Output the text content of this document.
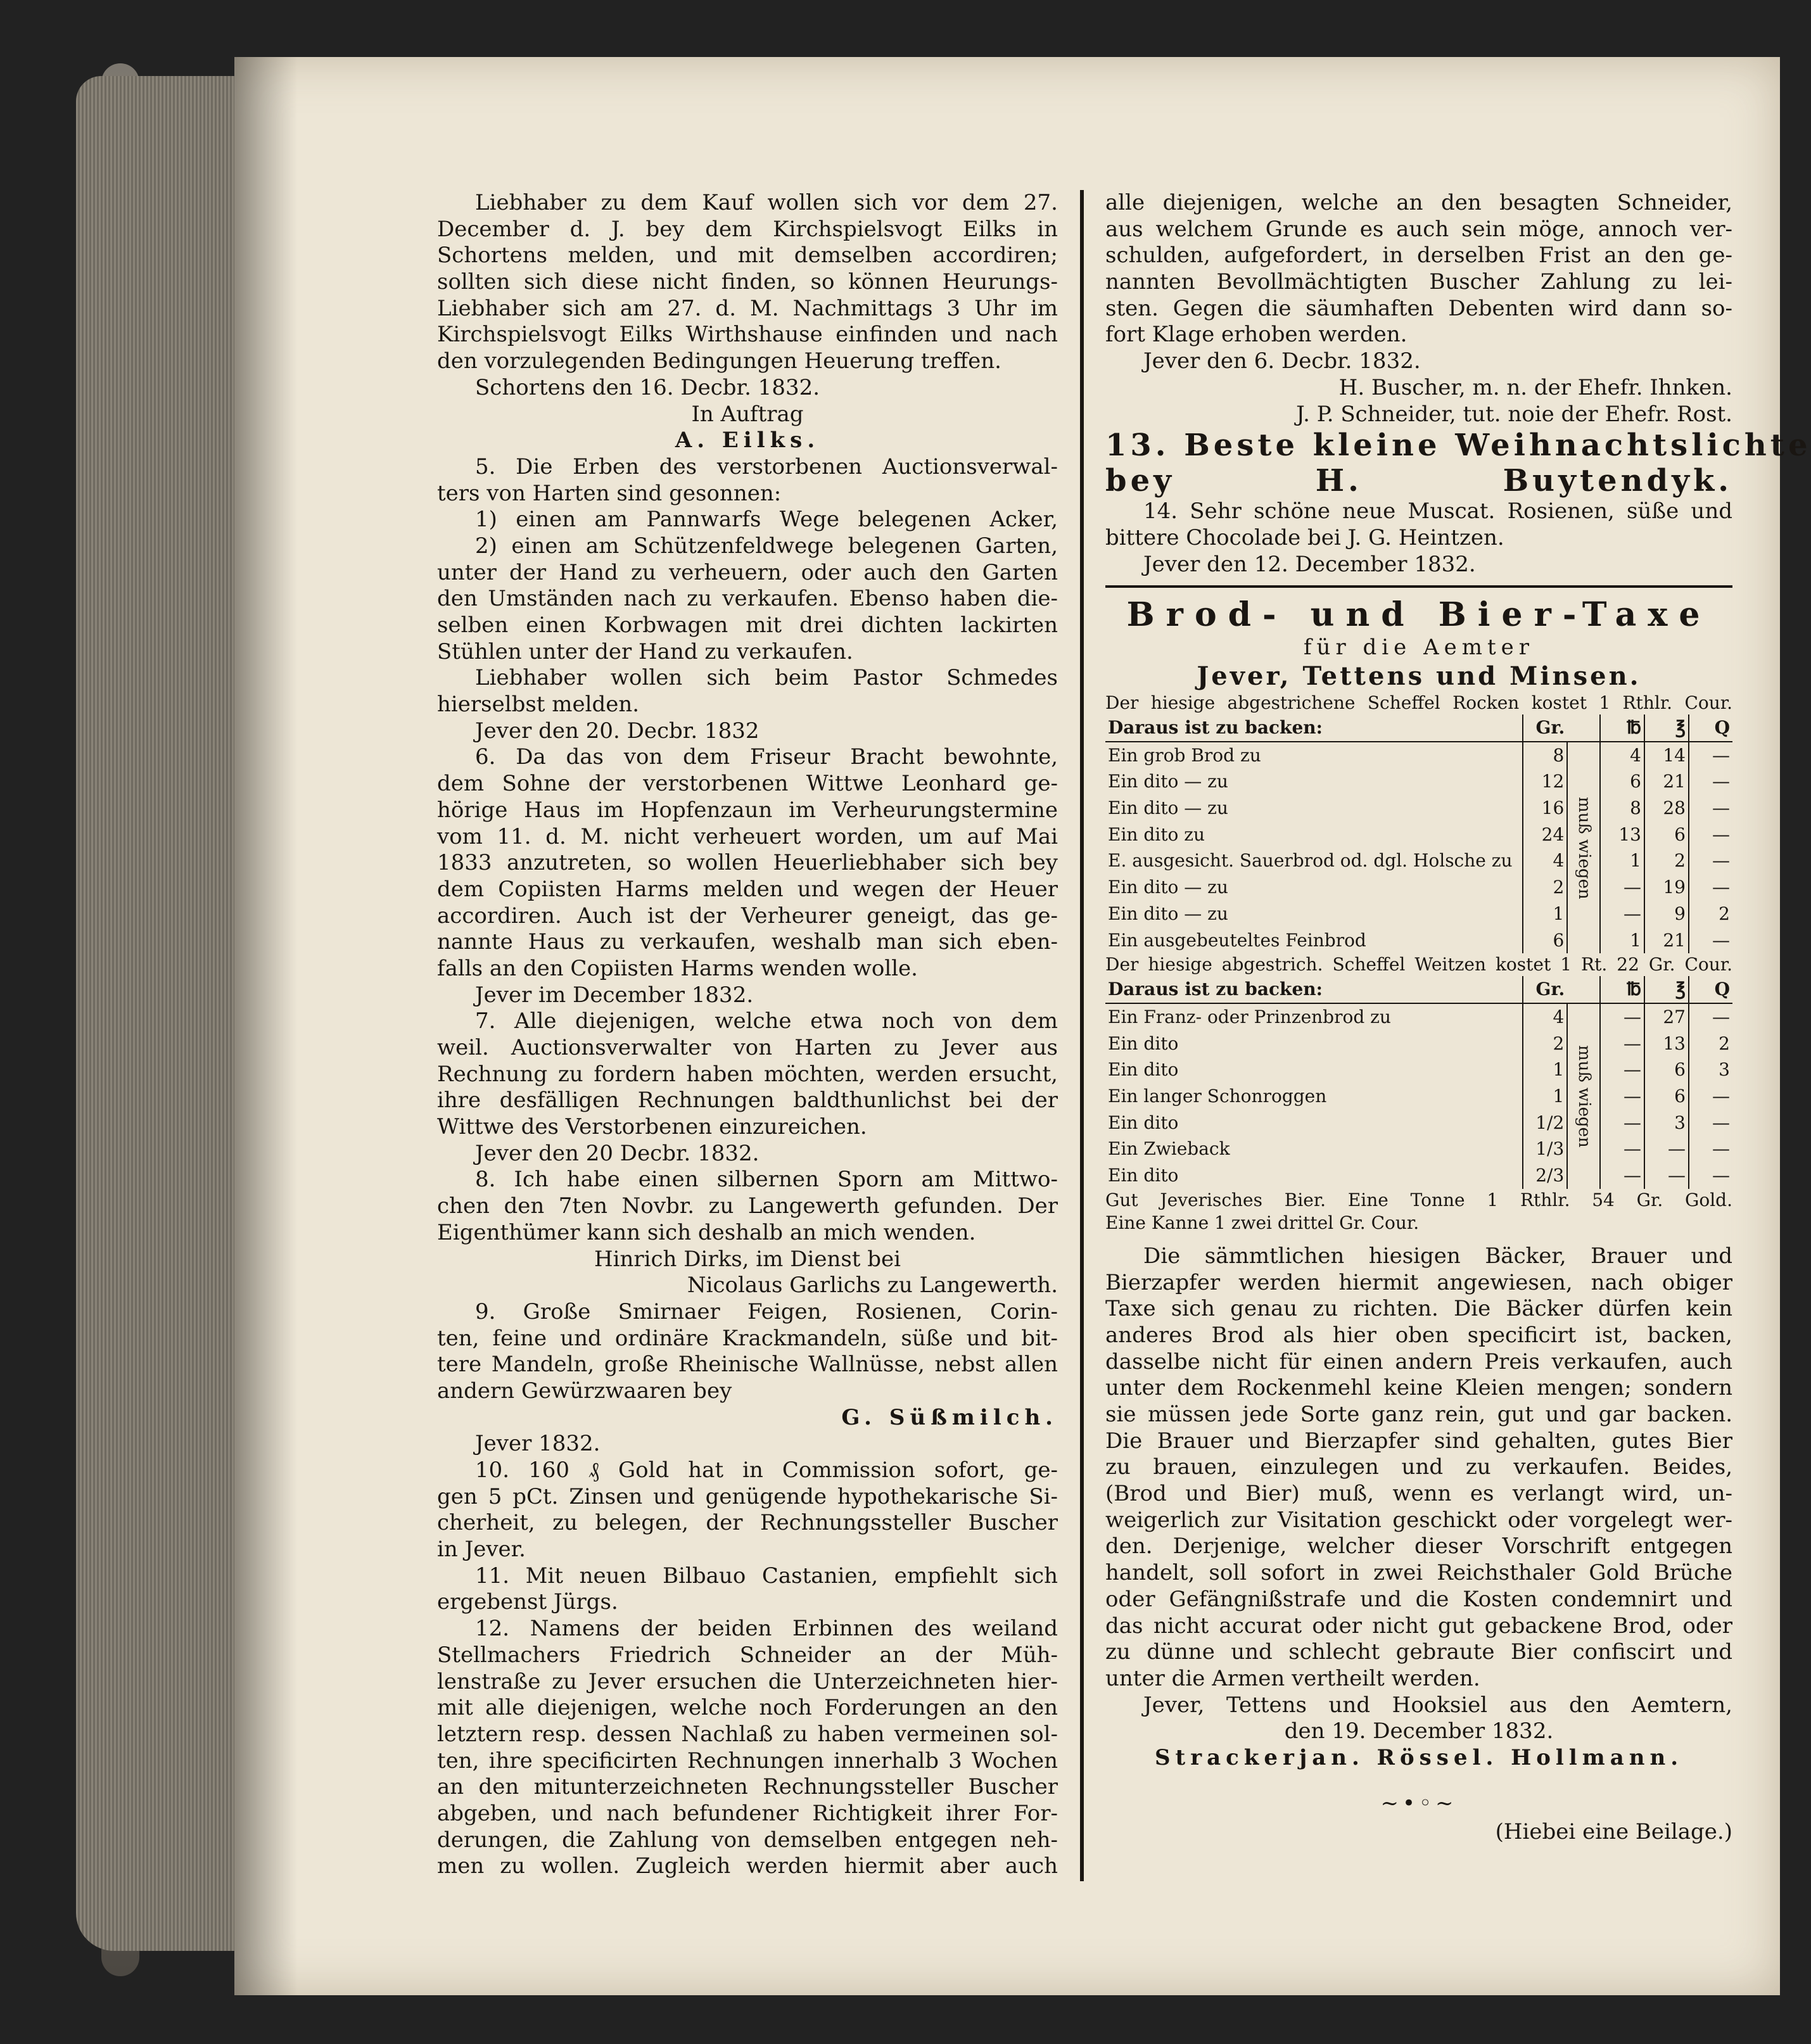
Liebhaber zu dem Kauf wollen sich vor dem 27.
December d. J. bey dem Kirchspielsvogt Eilks in
Schortens melden, und mit demselben accordiren;
sollten sich diese nicht finden, so können Heurungs-
Liebhaber sich am 27. d. M. Nachmittags 3 Uhr im
Kirchspielsvogt Eilks Wirthshause einfinden und nach
den vorzulegenden Bedingungen Heuerung treffen.
Schortens den 16. Decbr. 1832.
In Auftrag
A. Eilks.
5. Die Erben des verstorbenen Auctionsverwal-
ters von Harten sind gesonnen:
1) einen am Pannwarfs Wege belegenen Acker,
2) einen am Schützenfeldwege belegenen Garten,
unter der Hand zu verheuern, oder auch den Garten
den Umständen nach zu verkaufen. Ebenso haben die-
selben einen Korbwagen mit drei dichten lackirten
Stühlen unter der Hand zu verkaufen.
Liebhaber wollen sich beim Pastor Schmedes
hierselbst melden.
Jever den 20. Decbr. 1832
6. Da das von dem Friseur Bracht bewohnte,
dem Sohne der verstorbenen Wittwe Leonhard ge-
hörige Haus im Hopfenzaun im Verheurungstermine
vom 11. d. M. nicht verheuert worden, um auf Mai
1833 anzutreten, so wollen Heuerliebhaber sich bey
dem Copiisten Harms melden und wegen der Heuer
accordiren. Auch ist der Verheurer geneigt, das ge-
nannte Haus zu verkaufen, weshalb man sich eben-
falls an den Copiisten Harms wenden wolle.
Jever im December 1832.
7. Alle diejenigen, welche etwa noch von dem
weil. Auctionsverwalter von Harten zu Jever aus
Rechnung zu fordern haben möchten, werden ersucht,
ihre desfälligen Rechnungen baldthunlichst bei der
Wittwe des Verstorbenen einzureichen.
Jever den 20 Decbr. 1832.
8. Ich habe einen silbernen Sporn am Mittwo-
chen den 7ten Novbr. zu Langewerth gefunden. Der
Eigenthümer kann sich deshalb an mich wenden.
Hinrich Dirks, im Dienst bei
Nicolaus Garlichs zu Langewerth.
9. Große Smirnaer Feigen, Rosienen, Corin-
ten, feine und ordinäre Krackmandeln, süße und bit-
tere Mandeln, große Rheinische Wallnüsse, nebst allen
andern Gewürzwaaren bey
G. Süßmilch.
Jever 1832.
10. 160 ₰ Gold hat in Commission sofort, ge-
gen 5 pCt. Zinsen und genügende hypothekarische Si-
cherheit, zu belegen, der Rechnungssteller Buscher
in Jever.
11. Mit neuen Bilbauo Castanien, empfiehlt sich
ergebenst Jürgs.
12. Namens der beiden Erbinnen des weiland
Stellmachers Friedrich Schneider an der Müh-
lenstraße zu Jever ersuchen die Unterzeichneten hier-
mit alle diejenigen, welche noch Forderungen an den
letztern resp. dessen Nachlaß zu haben vermeinen sol-
ten, ihre specificirten Rechnungen innerhalb 3 Wochen
an den mitunterzeichneten Rechnungssteller Buscher
abgeben, und nach befundener Richtigkeit ihrer For-
derungen, die Zahlung von demselben entgegen neh-
men zu wollen. Zugleich werden hiermit aber auch
alle diejenigen, welche an den besagten Schneider,
aus welchem Grunde es auch sein möge, annoch ver-
schulden, aufgefordert, in derselben Frist an den ge-
nannten Bevollmächtigten Buscher Zahlung zu lei-
sten. Gegen die säumhaften Debenten wird dann so-
fort Klage erhoben werden.
Jever den 6. Decbr. 1832.
H. Buscher, m. n. der Ehefr. Ihnken.
J. P. Schneider, tut. noie der Ehefr. Rost.
13. Beste kleine Weihnachtslichte
bey H. Buytendyk.
14. Sehr schöne neue Muscat. Rosienen, süße und
bittere Chocolade bei J. G. Heintzen.
Jever den 12. December 1832.
Brod- und Bier-Taxe
für die Aemter
Jever, Tettens und Minsen.
Der hiesige abgestrichene Scheffel Rocken kostet 1 Rthlr. Cour.
Daraus ist zu backen:	Gr.		℔	℥	Q
Ein grob Brod zu	8	muß wiegen	4	14	—
Ein dito — zu	12		6	21	—
Ein dito — zu	16		8	28	—
Ein dito zu	24		13	6	—
E. ausgesicht. Sauerbrod od. dgl. Holsche zu	4		1	2	—
Ein dito — zu	2		—	19	—
Ein dito — zu	1		—	9	2
Ein ausgebeuteltes Feinbrod	6		1	21	—
Der hiesige abgestrich. Scheffel Weitzen kostet 1 Rt. 22 Gr. Cour.
Daraus ist zu backen:	Gr.		℔	℥	Q
Ein Franz- oder Prinzenbrod zu	4	muß wiegen	—	27	—
Ein dito	2		—	13	2
Ein dito	1		—	6	3
Ein langer Schonroggen	1		—	6	—
Ein dito	1/2		—	3	—
Ein Zwieback	1/3		—	—	—
Ein dito	2/3		—	—	—
Gut Jeverisches Bier. Eine Tonne 1 Rthlr. 54 Gr. Gold.
Eine Kanne 1 zwei drittel Gr. Cour.
Die sämmtlichen hiesigen Bäcker, Brauer und
Bierzapfer werden hiermit angewiesen, nach obiger
Taxe sich genau zu richten. Die Bäcker dürfen kein
anderes Brod als hier oben specificirt ist, backen,
dasselbe nicht für einen andern Preis verkaufen, auch
unter dem Rockenmehl keine Kleien mengen; sondern
sie müssen jede Sorte ganz rein, gut und gar backen.
Die Brauer und Bierzapfer sind gehalten, gutes Bier
zu brauen, einzulegen und zu verkaufen. Beides,
(Brod und Bier) muß, wenn es verlangt wird, un-
weigerlich zur Visitation geschickt oder vorgelegt wer-
den. Derjenige, welcher dieser Vorschrift entgegen
handelt, soll sofort in zwei Reichsthaler Gold Brüche
oder Gefängnißstrafe und die Kosten condemnirt und
das nicht accurat oder nicht gut gebackene Brod, oder
zu dünne und schlecht gebraute Bier confiscirt und
unter die Armen vertheilt werden.
Jever, Tettens und Hooksiel aus den Aemtern,
den 19. December 1832.
Strackerjan. Rössel. Hollmann.
~•◦~
(Hiebei eine Beilage.)
